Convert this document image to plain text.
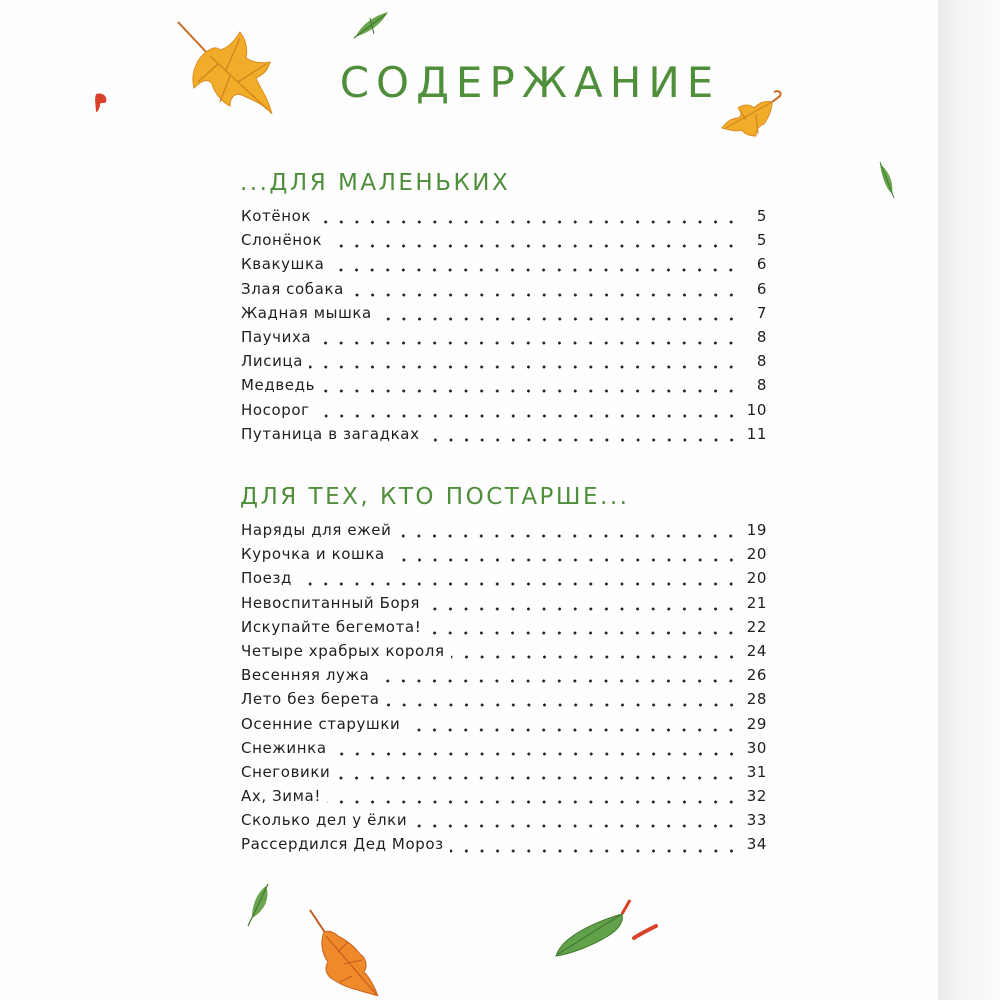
СОДЕРЖАНИЕ
...ДЛЯ МАЛЕНЬКИХ
Котёнок	5
Слонёнок	5
Квакушка	6
Злая собака	6
Жадная мышка	7
Паучиха	8
Лисица	8
Медведь	8
Носорог	10
Путаница в загадках	11
ДЛЯ ТЕХ, КТО ПОСТАРШЕ...
Наряды для ежей	19
Курочка и кошка	20
Поезд	20
Невоспитанный Боря	21
Искупайте бегемота!	22
Четыре храбрых короля	24
Весенняя лужа	26
Лето без берета	28
Осенние старушки	29
Снежинка	30
Снеговики	31
Ах, Зима!	32
Сколько дел у ёлки	33
Рассердился Дед Мороз	34
